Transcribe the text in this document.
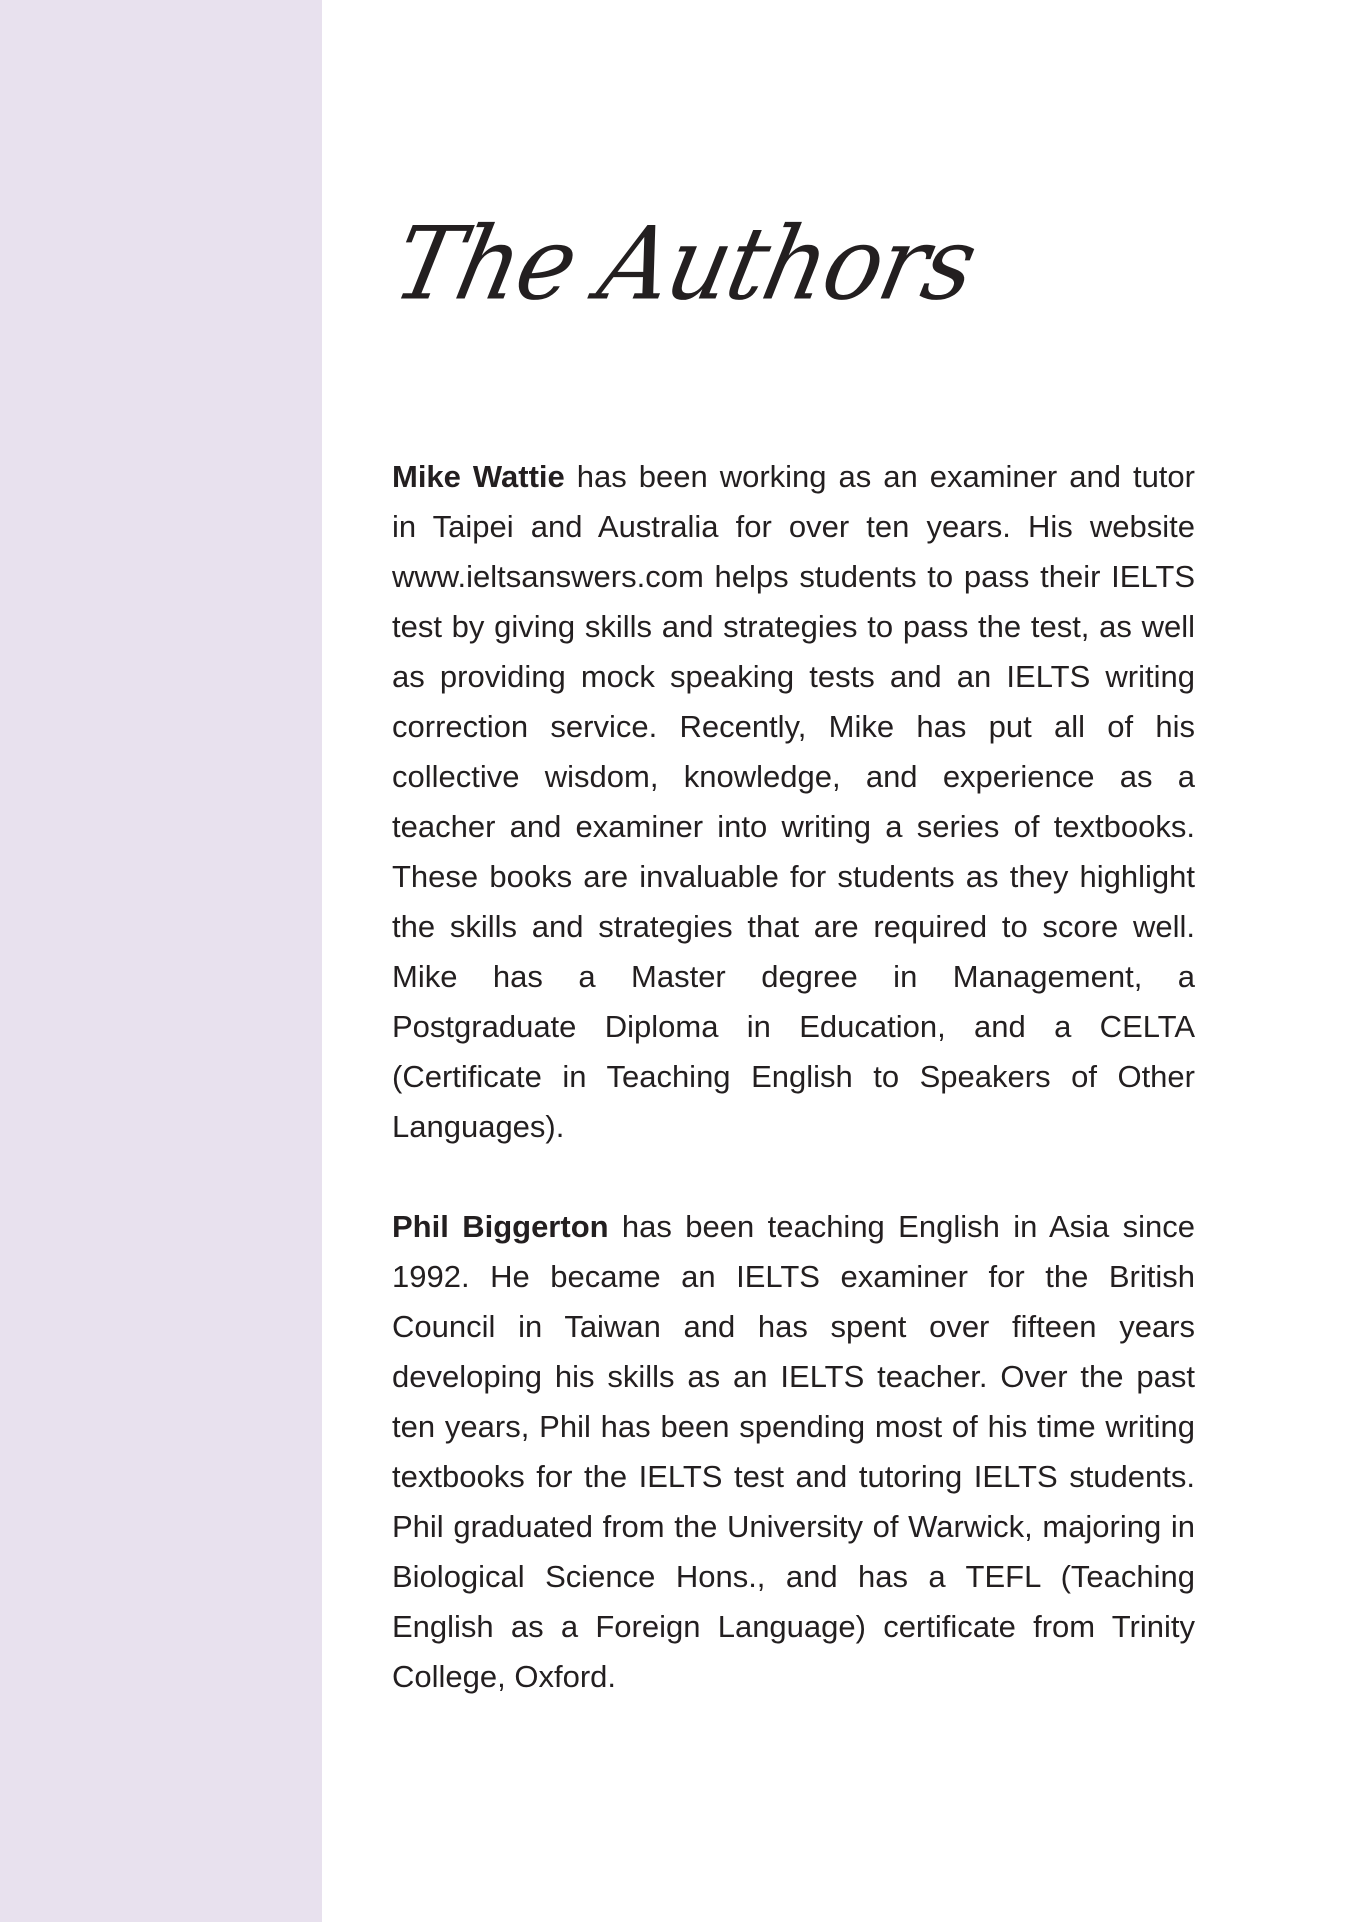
The Authors

Mike Wattie has been working as an examiner and tutor in Taipei and Australia for over ten years. His website www.ieltsanswers.com helps students to pass their IELTS test by giving skills and strategies to pass the test, as well as providing mock speaking tests and an IELTS writing correction service. Recently, Mike has put all of his collective wisdom, knowledge, and experience as a teacher and examiner into writing a series of textbooks. These books are invaluable for students as they highlight the skills and strategies that are required to score well. Mike has a Master degree in Management, a Postgraduate Diploma in Education, and a CELTA (Certificate in Teaching English to Speakers of Other Languages).

Phil Biggerton has been teaching English in Asia since 1992. He became an IELTS examiner for the British Council in Taiwan and has spent over fifteen years developing his skills as an IELTS teacher. Over the past ten years, Phil has been spending most of his time writing textbooks for the IELTS test and tutoring IELTS students. Phil graduated from the University of Warwick, majoring in Biological Science Hons., and has a TEFL (Teaching English as a Foreign Language) certificate from Trinity College, Oxford.
